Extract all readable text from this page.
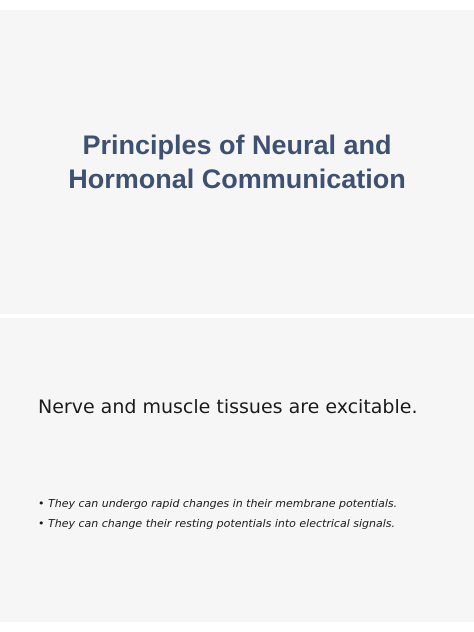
Principles of Neural and
Hormonal Communication
Nerve and muscle tissues are excitable.
• They can undergo rapid changes in their membrane potentials.
• They can change their resting potentials into electrical signals.
